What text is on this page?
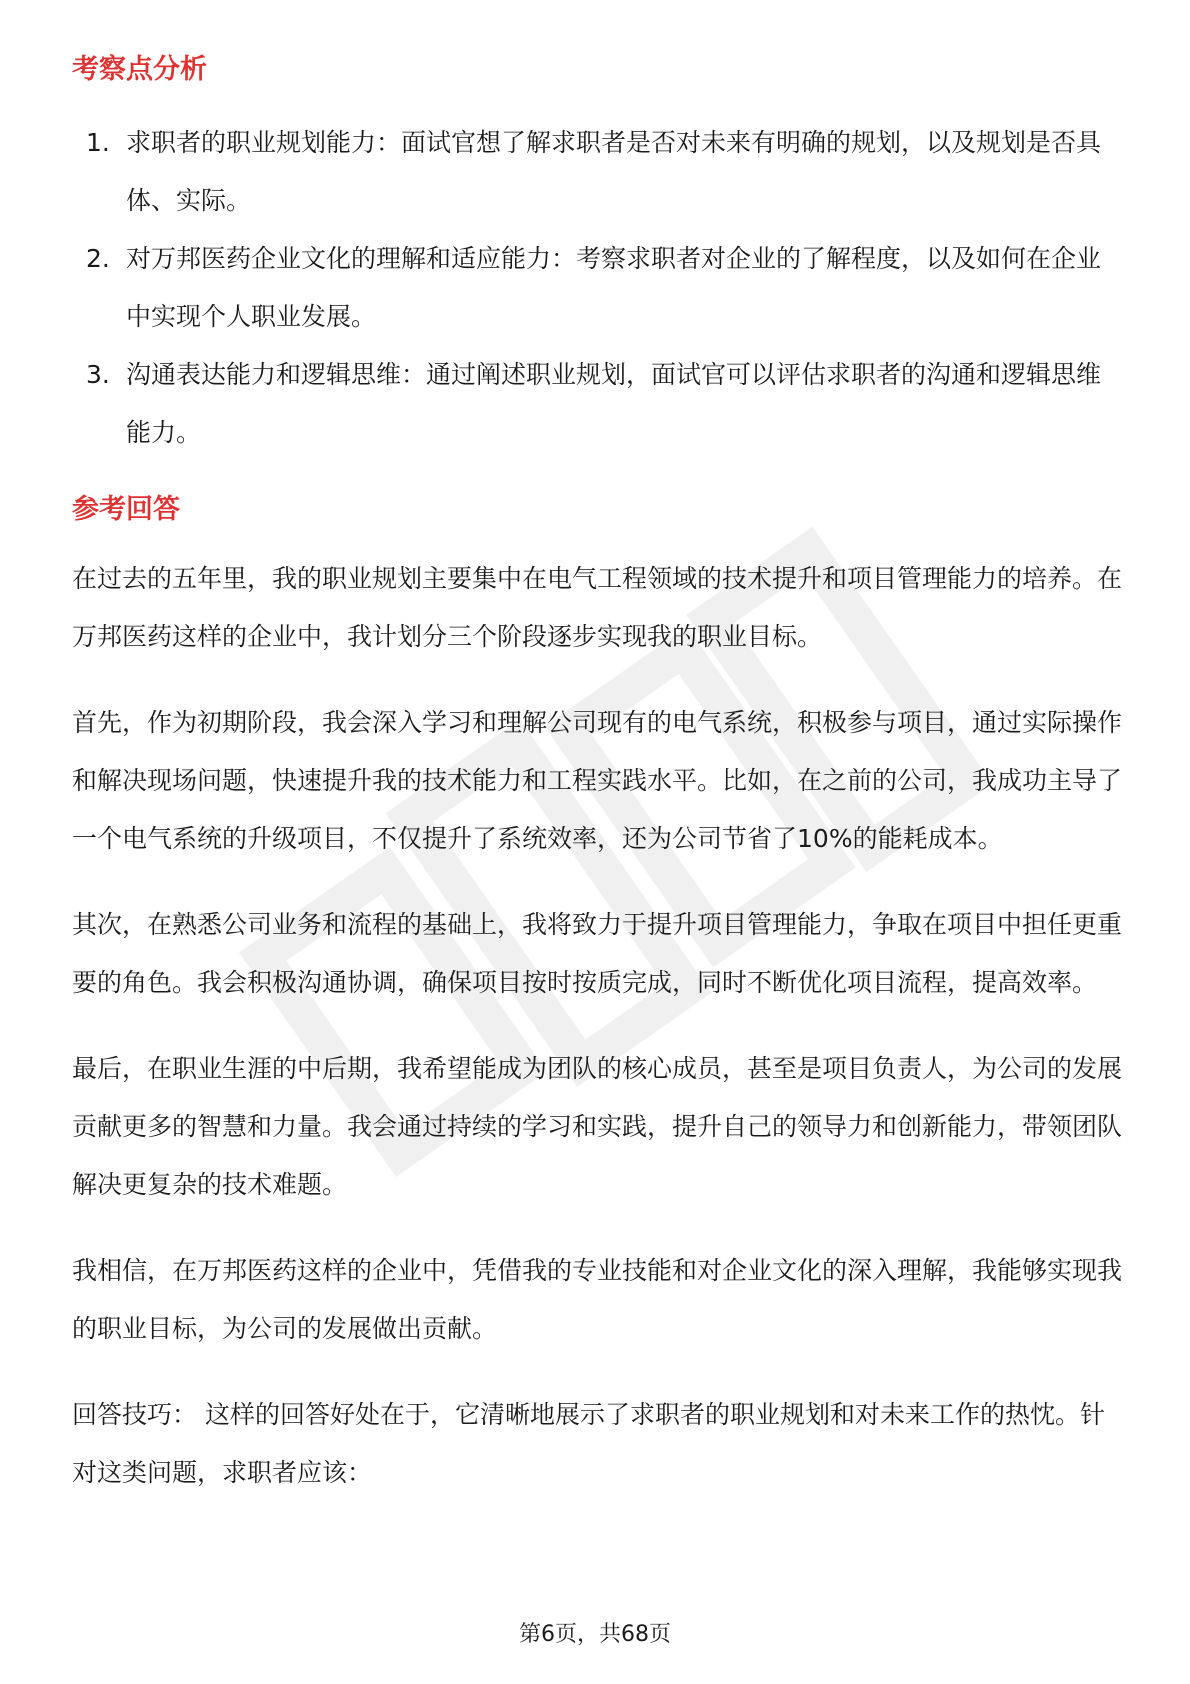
考察点分析
1. 求职者的职业规划能力：面试官想了解求职者是否对未来有明确的规划，以及规划是否具体、实际。
2. 对万邦医药企业文化的理解和适应能力：考察求职者对企业的了解程度，以及如何在企业中实现个人职业发展。
3. 沟通表达能力和逻辑思维：通过阐述职业规划，面试官可以评估求职者的沟通和逻辑思维能力。
参考回答

在过去的五年里，我的职业规划主要集中在电气工程领域的技术提升和项目管理能力的培养。在万邦医药这样的企业中，我计划分三个阶段逐步实现我的职业目标。

首先，作为初期阶段，我会深入学习和理解公司现有的电气系统，积极参与项目，通过实际操作和解决现场问题，快速提升我的技术能力和工程实践水平。比如，在之前的公司，我成功主导了一个电气系统的升级项目，不仅提升了系统效率，还为公司节省了10%的能耗成本。

其次，在熟悉公司业务和流程的基础上，我将致力于提升项目管理能力，争取在项目中担任更重要的角色。我会积极沟通协调，确保项目按时按质完成，同时不断优化项目流程，提高效率。

最后，在职业生涯的中后期，我希望能成为团队的核心成员，甚至是项目负责人，为公司的发展贡献更多的智慧和力量。我会通过持续的学习和实践，提升自己的领导力和创新能力，带领团队解决更复杂的技术难题。

我相信，在万邦医药这样的企业中，凭借我的专业技能和对企业文化的深入理解，我能够实现我的职业目标，为公司的发展做出贡献。

回答技巧： 这样的回答好处在于，它清晰地展示了求职者的职业规划和对未来工作的热忱。针对这类问题，求职者应该：

第6页，共68页
